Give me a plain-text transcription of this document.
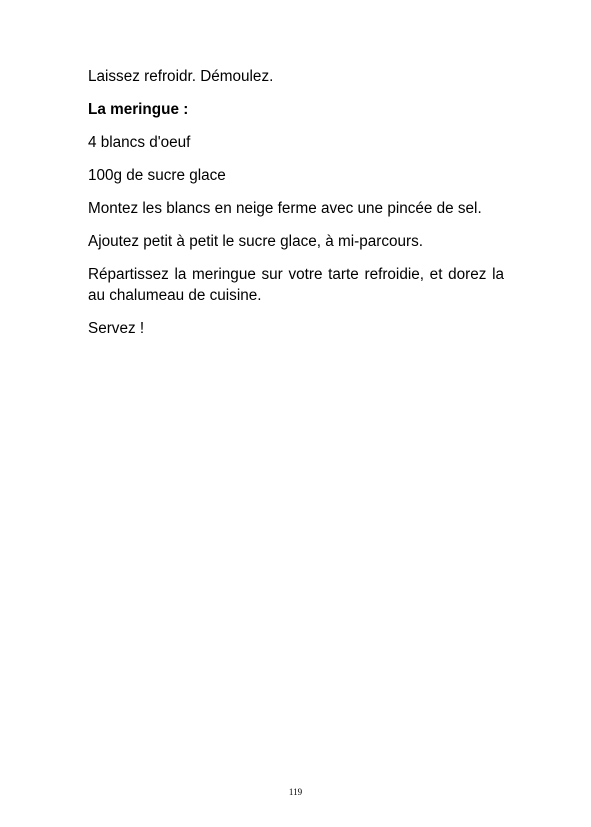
Laissez refroidr. Démoulez.

La meringue :

4 blancs d'oeuf

100g de sucre glace

Montez les blancs en neige ferme avec une pincée de sel.

Ajoutez petit à petit le sucre glace, à mi-parcours.

Répartissez la meringue sur votre tarte refroidie, et dorez la au chalumeau de cuisine.

Servez !

119
